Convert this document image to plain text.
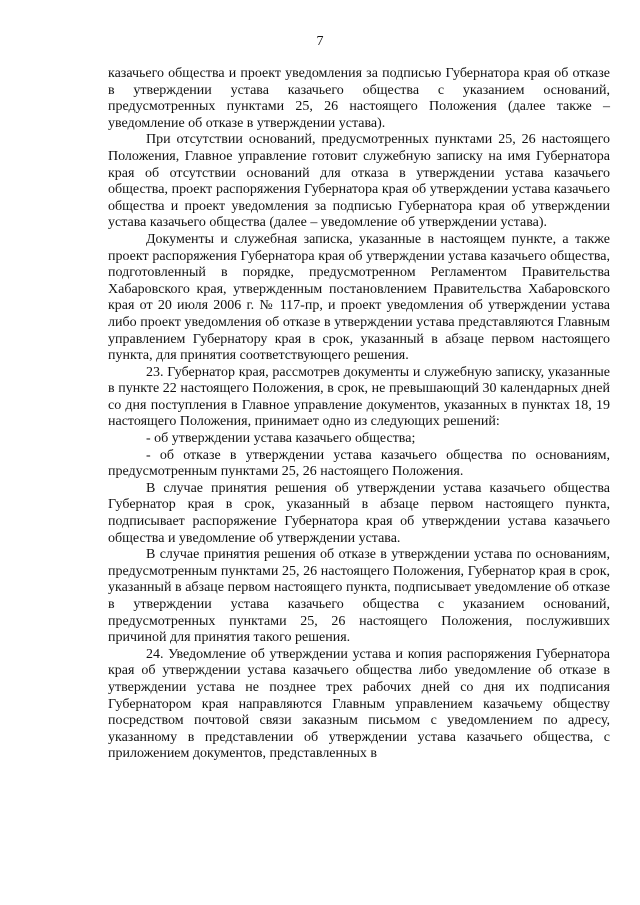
7

казачьего общества и проект уведомления за подписью Губернатора края об отказе в утверждении устава казачьего общества с указанием оснований, предусмотренных пунктами 25, 26 настоящего Положения (далее также – уведомление об отказе в утверждении устава).

При отсутствии оснований, предусмотренных пунктами 25, 26 настоящего Положения, Главное управление готовит служебную записку на имя Губернатора края об отсутствии оснований для отказа в утверждении устава казачьего общества, проект распоряжения Губернатора края об утверждении устава казачьего общества и проект уведомления за подписью Губернатора края об утверждении устава казачьего общества (далее – уведомление об утверждении устава).

Документы и служебная записка, указанные в настоящем пункте, а также проект распоряжения Губернатора края об утверждении устава казачьего общества, подготовленный в порядке, предусмотренном Регламентом Правительства Хабаровского края, утвержденным постановлением Правительства Хабаровского края от 20 июля 2006 г. № 117-пр, и проект уведомления об утверждении устава либо проект уведомления об отказе в утверждении устава представляются Главным управлением Губернатору края в срок, указанный в абзаце первом настоящего пункта, для принятия соответствующего решения.

23. Губернатор края, рассмотрев документы и служебную записку, указанные в пункте 22 настоящего Положения, в срок, не превышающий 30 календарных дней со дня поступления в Главное управление документов, указанных в пунктах 18, 19 настоящего Положения, принимает одно из следующих решений:

- об утверждении устава казачьего общества;

- об отказе в утверждении устава казачьего общества по основаниям, предусмотренным пунктами 25, 26 настоящего Положения.

В случае принятия решения об утверждении устава казачьего общества Губернатор края в срок, указанный в абзаце первом настоящего пункта, подписывает распоряжение Губернатора края об утверждении устава казачьего общества и уведомление об утверждении устава.

В случае принятия решения об отказе в утверждении устава по основаниям, предусмотренным пунктами 25, 26 настоящего Положения, Губернатор края в срок, указанный в абзаце первом настоящего пункта, подписывает уведомление об отказе в утверждении устава казачьего общества с указанием оснований, предусмотренных пунктами 25, 26 настоящего Положения, послуживших причиной для принятия такого решения.

24. Уведомление об утверждении устава и копия распоряжения Губернатора края об утверждении устава казачьего общества либо уведомление об отказе в утверждении устава не позднее трех рабочих дней со дня их подписания Губернатором края направляются Главным управлением казачьему обществу посредством почтовой связи заказным письмом с уведомлением по адресу, указанному в представлении об утверждении устава казачьего общества, с приложением документов, представленных в
